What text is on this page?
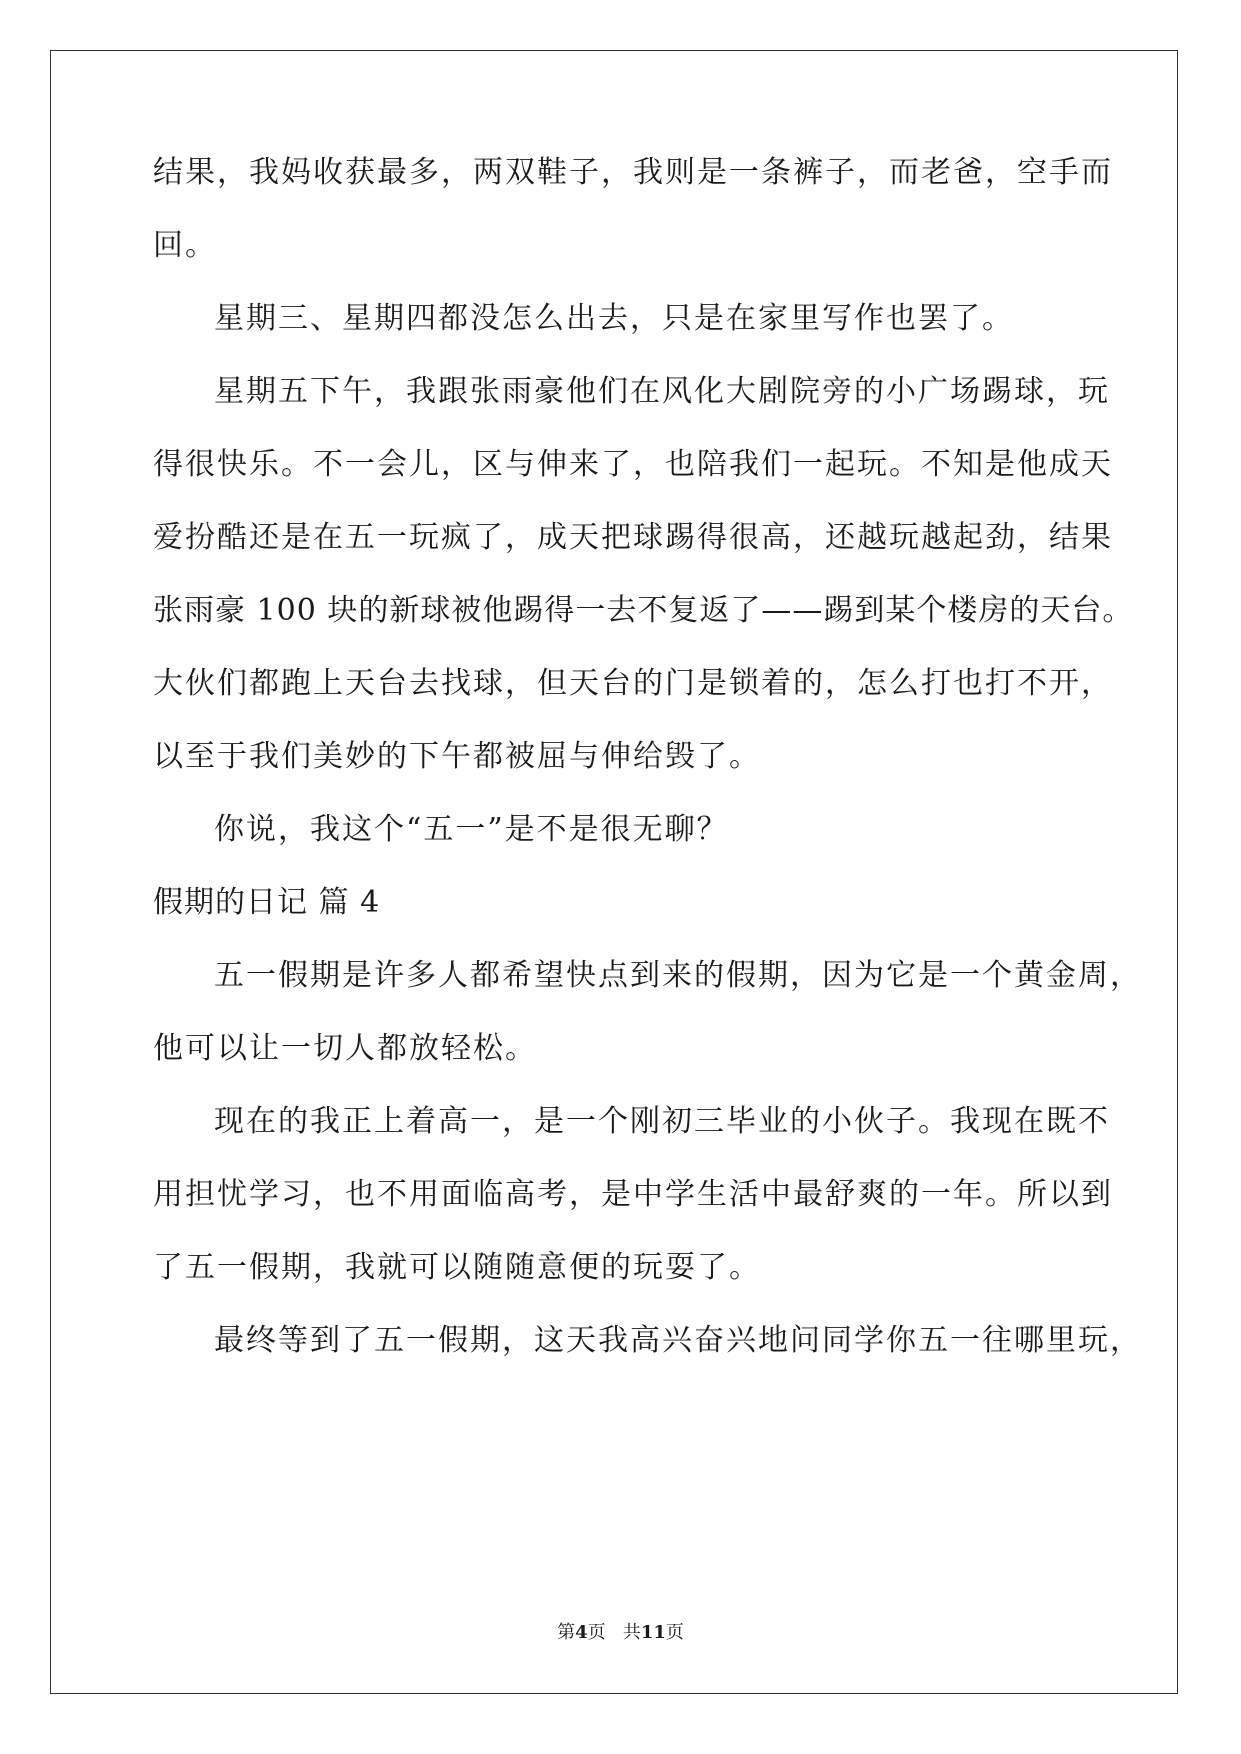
结果，我妈收获最多，两双鞋子，我则是一条裤子，而老爸，空手而
回。
星期三、星期四都没怎么出去，只是在家里写作也罢了。
星期五下午，我跟张雨豪他们在风化大剧院旁的小广场踢球，玩
得很快乐。不一会儿，区与伸来了，也陪我们一起玩。不知是他成天
爱扮酷还是在五一玩疯了，成天把球踢得很高，还越玩越起劲，结果
张雨豪 100 块的新球被他踢得一去不复返了——踢到某个楼房的天台。
大伙们都跑上天台去找球，但天台的门是锁着的，怎么打也打不开，
以至于我们美妙的下午都被屈与伸给毁了。
你说，我这个“五一”是不是很无聊？
假期的日记 篇 4
五一假期是许多人都希望快点到来的假期，因为它是一个黄金周，
他可以让一切人都放轻松。
现在的我正上着高一，是一个刚初三毕业的小伙子。我现在既不
用担忧学习，也不用面临高考，是中学生活中最舒爽的一年。所以到
了五一假期，我就可以随随意便的玩耍了。
最终等到了五一假期，这天我高兴奋兴地问同学你五一往哪里玩，
第4页 共11页
